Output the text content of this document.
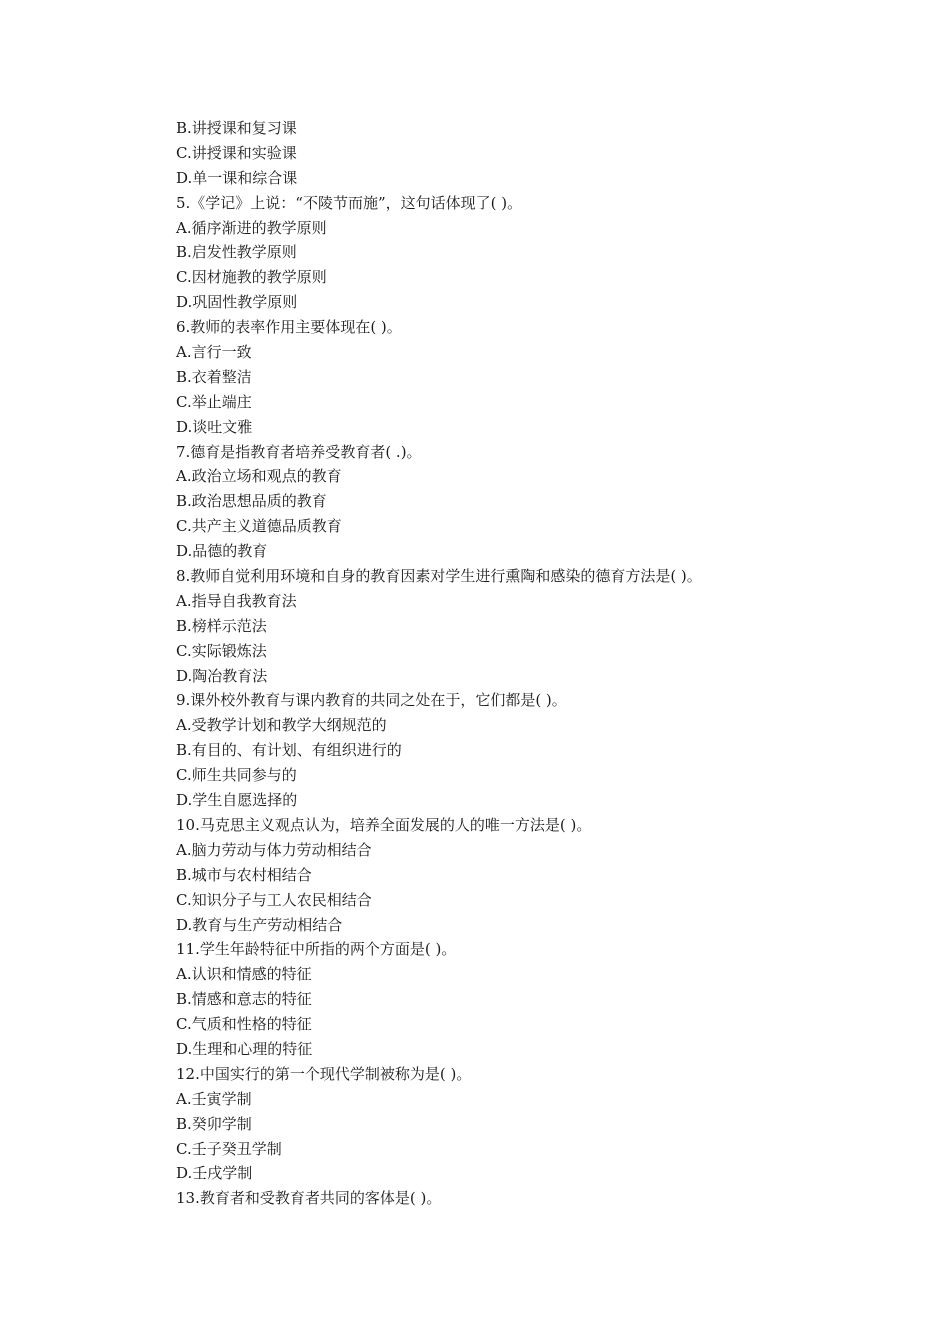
B.讲授课和复习课
C.讲授课和实验课
D.单一课和综合课
5.《学记》上说：“不陵节而施”，这句话体现了( )。
A.循序渐进的教学原则
B.启发性教学原则
C.因材施教的教学原则
D.巩固性教学原则
6.教师的表率作用主要体现在( )。
A.言行一致
B.衣着整洁
C.举止端庄
D.谈吐文雅
7.德育是指教育者培养受教育者( .)。
A.政治立场和观点的教育
B.政治思想品质的教育
C.共产主义道德品质教育
D.品德的教育
8.教师自觉利用环境和自身的教育因素对学生进行熏陶和感染的德育方法是( )。
A.指导自我教育法
B.榜样示范法
C.实际锻炼法
D.陶冶教育法
9.课外校外教育与课内教育的共同之处在于，它们都是( )。
A.受教学计划和教学大纲规范的
B.有目的、有计划、有组织进行的
C.师生共同参与的
D.学生自愿选择的
10.马克思主义观点认为，培养全面发展的人的唯一方法是( )。
A.脑力劳动与体力劳动相结合
B.城市与农村相结合
C.知识分子与工人农民相结合
D.教育与生产劳动相结合
11.学生年龄特征中所指的两个方面是( )。
A.认识和情感的特征
B.情感和意志的特征
C.气质和性格的特征
D.生理和心理的特征
12.中国实行的第一个现代学制被称为是( )。
A.壬寅学制
B.癸卯学制
C.壬子癸丑学制
D.壬戌学制
13.教育者和受教育者共同的客体是( )。
